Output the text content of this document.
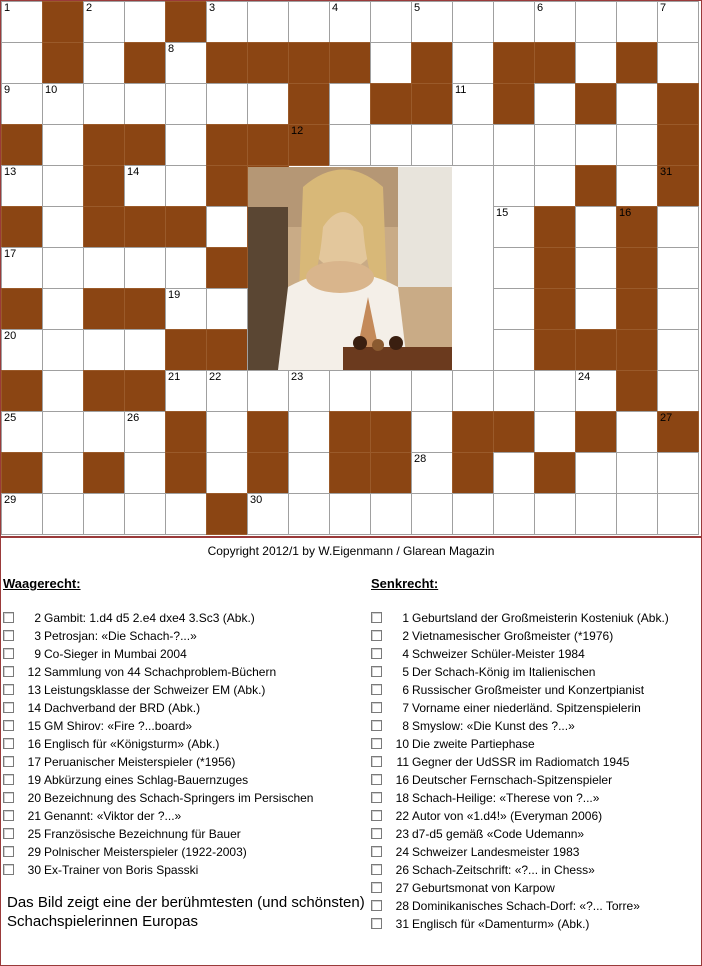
1	2	3	4	5	6	7
8
9	10	11
12
13	14	31
15	16
17
19
20
21	22	23	24
25	26	27
28
29	30
Copyright 2012/1 by W.Eigenmann / Glarean Magazin
Waagerecht:	Senkrecht:
2 Gambit: 1.d4 d5 2.e4 dxe4 3.Sc3 (Abk.)
3 Petrosjan: «Die Schach-?...»
9 Co-Sieger in Mumbai 2004
12 Sammlung von 44 Schachproblem-Büchern
13 Leistungsklasse der Schweizer EM (Abk.)
14 Dachverband der BRD (Abk.)
15 GM Shirov: «Fire ?...board»
16 Englisch für «Königsturm» (Abk.)
17 Peruanischer Meisterspieler (*1956)
19 Abkürzung eines Schlag-Bauernzuges
20 Bezeichnung des Schach-Springers im Persischen
21 Genannt: «Viktor der ?...»
25 Französische Bezeichnung für Bauer
29 Polnischer Meisterspieler (1922-2003)
30 Ex-Trainer von Boris Spasski
1 Geburtsland der Großmeisterin Kosteniuk (Abk.)
2 Vietnamesischer Großmeister (*1976)
4 Schweizer Schüler-Meister 1984
5 Der Schach-König im Italienischen
6 Russischer Großmeister und Konzertpianist
7 Vorname einer niederländ. Spitzenspielerin
8 Smyslow: «Die Kunst des ?...»
10 Die zweite Partiephase
11 Gegner der UdSSR im Radiomatch 1945
16 Deutscher Fernschach-Spitzenspieler
18 Schach-Heilige: «Therese von ?...»
22 Autor von «1.d4!» (Everyman 2006)
23 d7-d5 gemäß «Code Udemann»
24 Schweizer Landesmeister 1983
26 Schach-Zeitschrift: «?... in Chess»
27 Geburtsmonat von Karpow
28 Dominikanisches Schach-Dorf: «?... Torre»
31 Englisch für «Damenturm» (Abk.)
Das Bild zeigt eine der berühmtesten (und schönsten) Schachspielerinnen Europas
